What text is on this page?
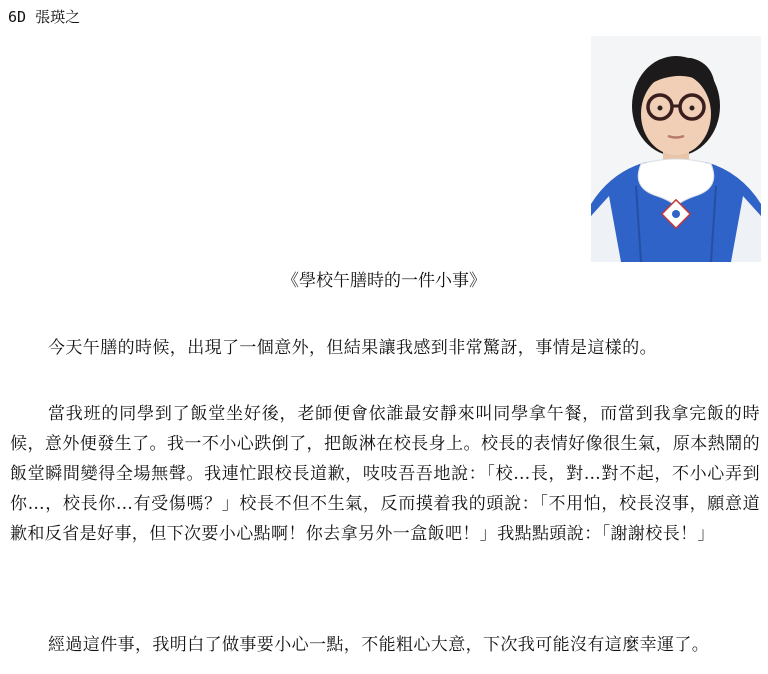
6D 張瑛之
《學校午膳時的一件小事》

今天午膳的時候，出現了一個意外，但結果讓我感到非常驚訝，事情是這樣的。

當我班的同學到了飯堂坐好後，老師便會依誰最安靜來叫同學拿午餐，而當到我拿完飯的時候，意外便發生了。我一不小心跌倒了，把飯淋在校長身上。校長的表情好像很生氣，原本熱鬧的飯堂瞬間變得全場無聲。我連忙跟校長道歉，吱吱吾吾地說：「校…長，對…對不起，不小心弄到你…，校長你…有受傷嗎？」校長不但不生氣，反而摸着我的頭說：「不用怕，校長沒事，願意道歉和反省是好事，但下次要小心點啊！你去拿另外一盒飯吧！」我點點頭說：「謝謝校長！」

經過這件事，我明白了做事要小心一點，不能粗心大意，下次我可能沒有這麼幸運了。
